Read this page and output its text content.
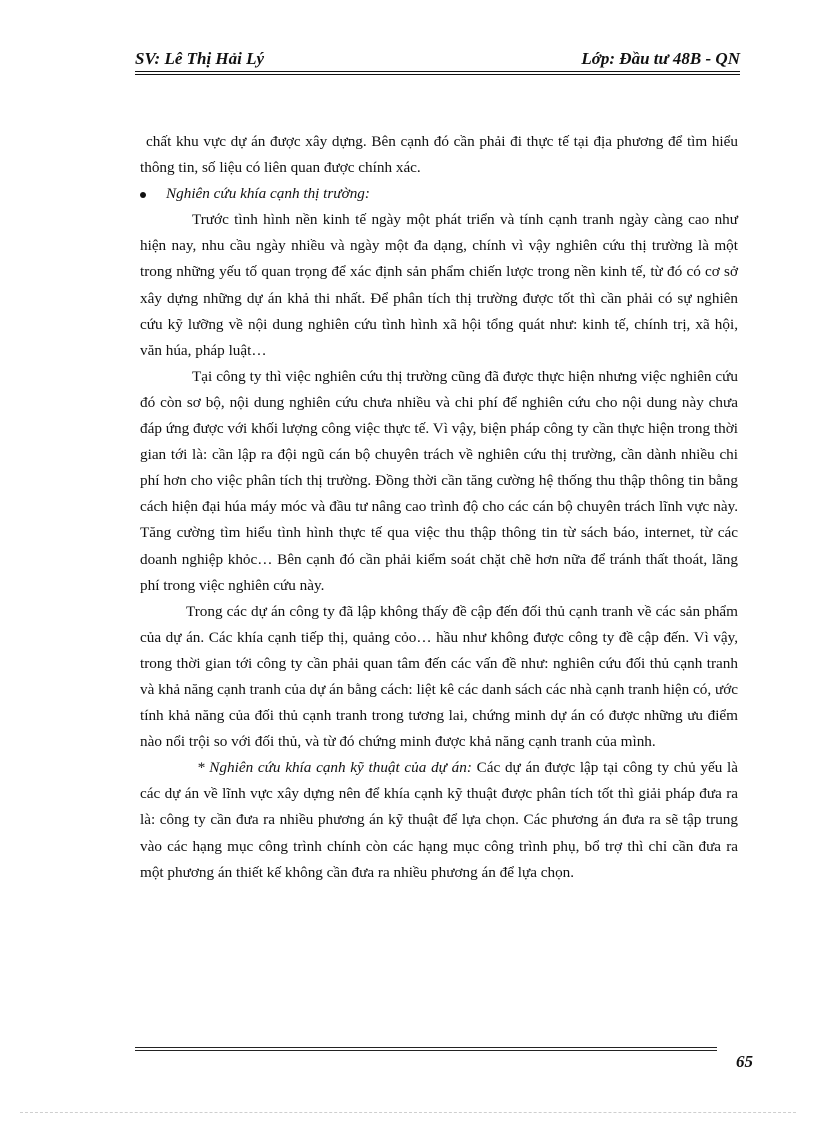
SV: Lê Thị Hải Lý	Lớp: Đầu tư 48B - QN

chất khu vực dự án được xây dựng. Bên cạnh đó cần phải đi thực tế tại địa phương để tìm hiểu thông tin, số liệu có liên quan được chính xác.

Nghiên cứu khía cạnh thị trường:

Trước tình hình nền kinh tế ngày một phát triển và tính cạnh tranh ngày càng cao như hiện nay, nhu cầu ngày nhiều và ngày một đa dạng, chính vì vậy nghiên cứu thị trường là một trong những yếu tố quan trọng để xác định sản phẩm chiến lược trong nền kinh tế, từ đó có cơ sở xây dựng những dự án khả thi nhất. Để phân tích thị trường được tốt thì cần phải có sự nghiên cứu kỹ lưỡng về nội dung nghiên cứu tình hình xã hội tổng quát như: kinh tế, chính trị, xã hội, văn húa, pháp luật…

Tại công ty thì việc nghiên cứu thị trường cũng đã được thực hiện nhưng việc nghiên cứu đó còn sơ bộ, nội dung nghiên cứu chưa nhiều và chi phí để nghiên cứu cho nội dung này chưa đáp ứng được với khối lượng công việc thực tế. Vì vậy, biện pháp công ty cần thực hiện trong thời gian tới là: cần lập ra đội ngũ cán bộ chuyên trách về nghiên cứu thị trường, cần dành nhiều chi phí hơn cho việc phân tích thị trường. Đồng thời cần tăng cường hệ thống thu thập thông tin bằng cách hiện đại húa máy móc và đầu tư nâng cao trình độ cho các cán bộ chuyên trách lĩnh vực này. Tăng cường tìm hiểu tình hình thực tế qua việc thu thập thông tin từ sách báo, internet, từ các doanh nghiệp khỏc… Bên cạnh đó cần phải kiểm soát chặt chẽ hơn nữa để tránh thất thoát, lãng phí trong việc nghiên cứu này.

Trong các dự án công ty đã lập không thấy đề cập đến đối thủ cạnh tranh về các sản phẩm của dự án. Các khía cạnh tiếp thị, quảng cỏo… hầu như không được công ty đề cập đến. Vì vậy, trong thời gian tới công ty cần phải quan tâm đến các vấn đề như: nghiên cứu đối thủ cạnh tranh và khả năng cạnh tranh của dự án bằng cách: liệt kê các danh sách các nhà cạnh tranh hiện có, ước tính khả năng của đối thủ cạnh tranh trong tương lai, chứng minh dự án có được những ưu điểm nào nổi trội so với đối thủ, và từ đó chứng minh được khả năng cạnh tranh của mình.

* Nghiên cứu khía cạnh kỹ thuật của dự án: Các dự án được lập tại công ty chủ yếu là các dự án về lĩnh vực xây dựng nên để khía cạnh kỹ thuật được phân tích tốt thì giải pháp đưa ra là: công ty cần đưa ra nhiều phương án kỹ thuật để lựa chọn. Các phương án đưa ra sẽ tập trung vào các hạng mục công trình chính còn các hạng mục công trình phụ, bổ trợ thì chỉ cần đưa ra một phương án thiết kế không cần đưa ra nhiều phương án để lựa chọn.

65
